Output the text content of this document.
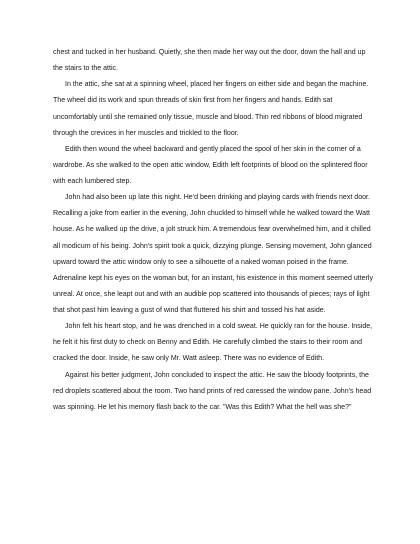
chest and tucked in her husband. Quietly, she then made her way out the door, down the hall and up
the stairs to the attic.
In the attic, she sat at a spinning wheel, placed her fingers on either side and began the machine.
The wheel did its work and spun threads of skin first from her fingers and hands. Edith sat
uncomfortably until she remained only tissue, muscle and blood. Thin red ribbons of blood migrated
through the crevices in her muscles and trickled to the floor.
Edith then wound the wheel backward and gently placed the spool of her skin in the corner of a
wardrobe. As she walked to the open attic window, Edith left footprints of blood on the splintered floor
with each lumbered step.
John had also been up late this night. He'd been drinking and playing cards with friends next door.
Recalling a joke from earlier in the evening, John chuckled to himself while he walked toward the Watt
house. As he walked up the drive, a jolt struck him. A tremendous fear overwhelmed him, and it chilled
all modicum of his being. John's spirit took a quick, dizzying plunge. Sensing movement, John glanced
upward toward the attic window only to see a silhouette of a naked woman poised in the frame.
Adrenaline kept his eyes on the woman but, for an instant, his existence in this moment seemed utterly
unreal. At once, she leapt out and with an audible pop scattered into thousands of pieces; rays of light
that shot past him leaving a gust of wind that fluttered his shirt and tossed his hat aside.
John felt his heart stop, and he was drenched in a cold sweat. He quickly ran for the house. Inside,
he felt it his first duty to check on Benny and Edith. He carefully climbed the stairs to their room and
cracked the door. Inside, he saw only Mr. Watt asleep. There was no evidence of Edith.
Against his better judgment, John concluded to inspect the attic. He saw the bloody footprints, the
red droplets scattered about the room. Two hand prints of red caressed the window pane. John's head
was spinning. He let his memory flash back to the car. "Was this Edith? What the hell was she?"
